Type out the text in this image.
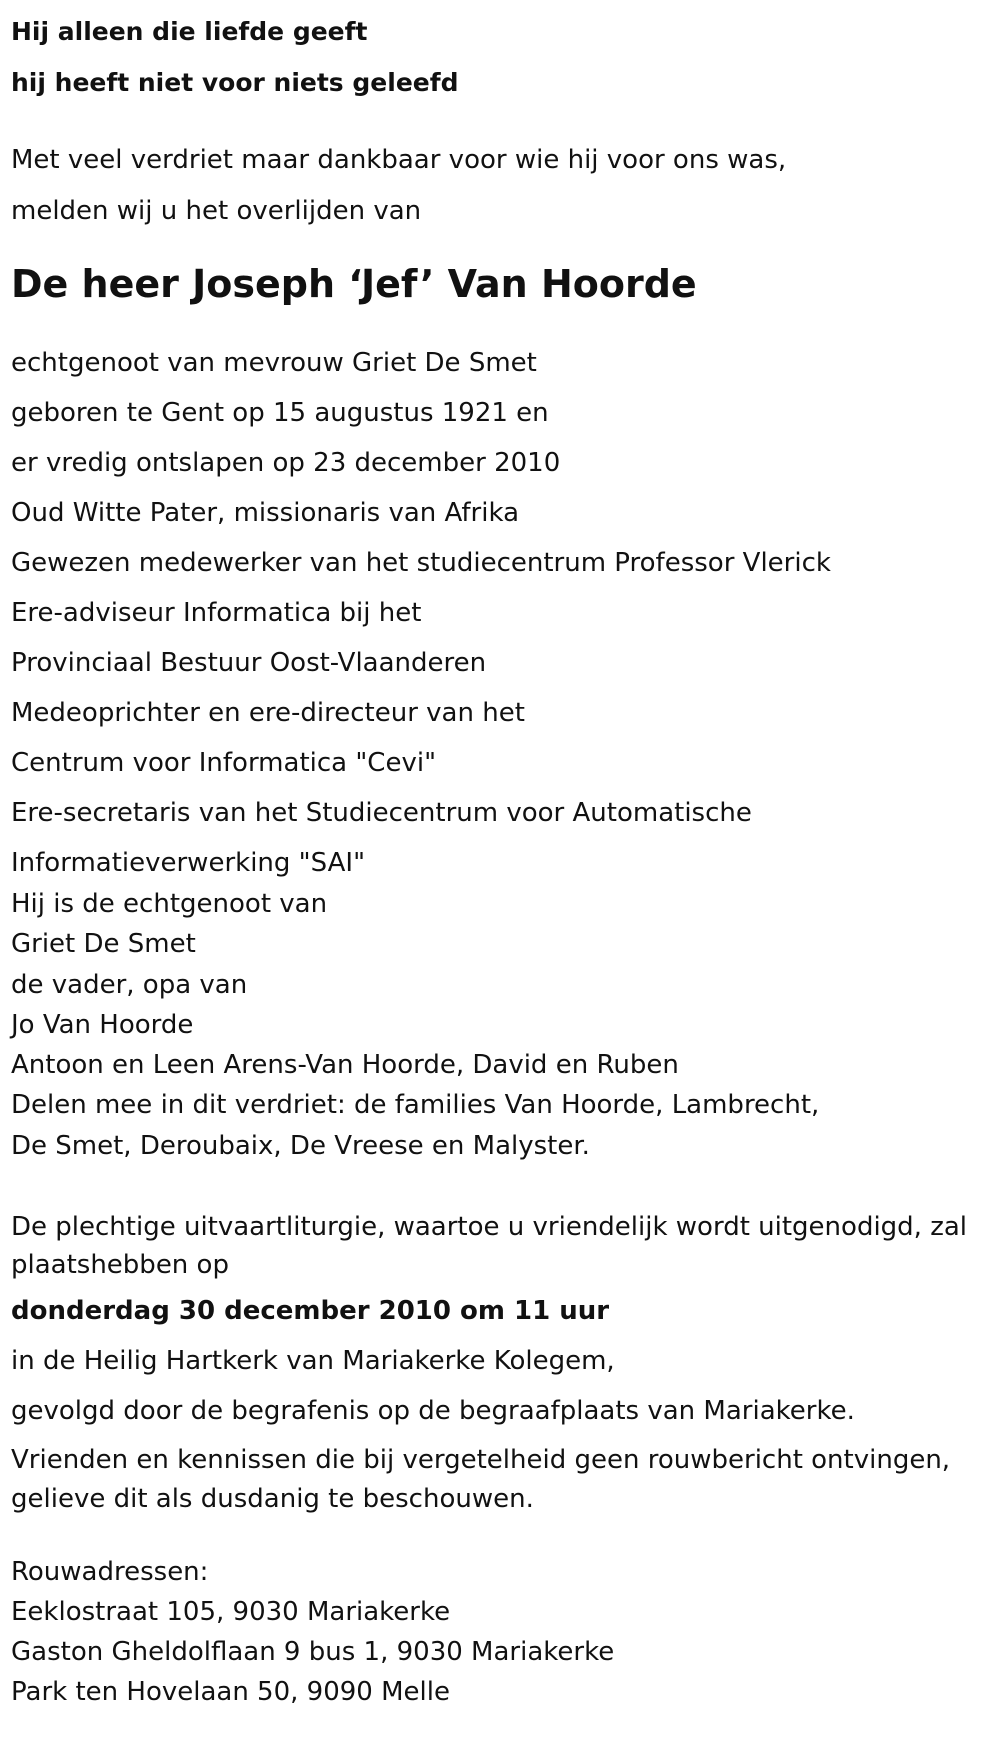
Hij alleen die liefde geeft
hij heeft niet voor niets geleefd
Met veel verdriet maar dankbaar voor wie hij voor ons was,
melden wij u het overlijden van
De heer Joseph ‘Jef’ Van Hoorde
echtgenoot van mevrouw Griet De Smet
geboren te Gent op 15 augustus 1921 en
er vredig ontslapen op 23 december 2010
Oud Witte Pater, missionaris van Afrika
Gewezen medewerker van het studiecentrum Professor Vlerick
Ere-adviseur Informatica bij het
Provinciaal Bestuur Oost-Vlaanderen
Medeoprichter en ere-directeur van het
Centrum voor Informatica "Cevi"
Ere-secretaris van het Studiecentrum voor Automatische
Informatieverwerking "SAI"
Hij is de echtgenoot van
Griet De Smet
de vader, opa van
Jo Van Hoorde
Antoon en Leen Arens-Van Hoorde, David en Ruben
Delen mee in dit verdriet: de families Van Hoorde, Lambrecht,
De Smet, Deroubaix, De Vreese en Malyster.
De plechtige uitvaartliturgie, waartoe u vriendelijk wordt uitgenodigd, zal plaatshebben op
donderdag 30 december 2010 om 11 uur
in de Heilig Hartkerk van Mariakerke Kolegem,
gevolgd door de begrafenis op de begraafplaats van Mariakerke.
Vrienden en kennissen die bij vergetelheid geen rouwbericht ontvingen,
gelieve dit als dusdanig te beschouwen.
Rouwadressen:
Eeklostraat 105, 9030 Mariakerke
Gaston Gheldolflaan 9 bus 1, 9030 Mariakerke
Park ten Hovelaan 50, 9090 Melle
